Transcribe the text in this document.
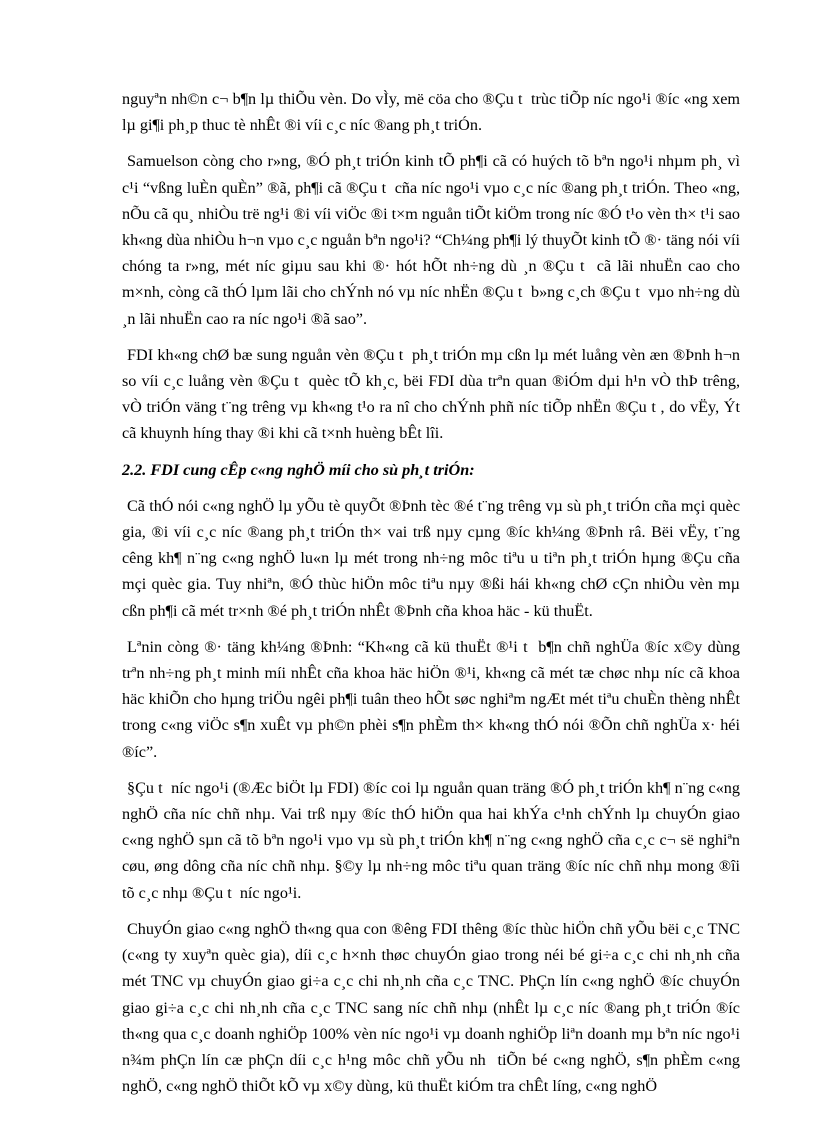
nguyªn nh©n c¬ b¶n lµ thiÕu vèn. Do vÌy, më cöa cho ®Çu t  trùc tiÕp níc ngo¹i ®íc «ng xem lµ gi¶i ph¸p thuc tè nhÊt ®i víi c¸c níc ®ang ph¸t triÓn.

Samuelson còng cho r»ng, ®Ó ph¸t triÓn kinh tÕ ph¶i cã có huých tõ bªn ngo¹i nhµm ph¸ vì c¹i “vßng luÈn quÈn” ®ã, ph¶i cã ®Çu t  cña níc ngo¹i vµo c¸c níc ®ang ph¸t triÓn. Theo «ng, nÕu cã qu¸ nhiÒu trë ng¹i ®i víi viÖc ®i t×m nguån tiÕt kiÖm trong níc ®Ó t¹o vèn th× t¹i sao kh«ng dùa nhiÒu h¬n vµo c¸c nguån bªn ngo¹i? “Ch¼ng ph¶i lý thuyÕt kinh tÕ ®· täng nói víi chóng ta r»ng, mét níc giµu sau khi ®· hót hÕt nh÷ng dù ¸n ®Çu t  cã lãi nhuËn cao cho m×nh, còng cã thÓ lµm lãi cho chÝnh nó vµ níc nhËn ®Çu t  b»ng c¸ch ®Çu t  vµo nh÷ng dù ¸n lãi nhuËn cao ra níc ngo¹i ®ã sao”.

FDI kh«ng chØ bæ sung nguån vèn ®Çu t  ph¸t triÓn mµ cßn lµ mét luång vèn æn ®Þnh h¬n so víi c¸c luång vèn ®Çu t  quèc tÕ kh¸c, bëi FDI dùa trªn quan ®iÓm dµi h¹n vÒ thÞ trêng, vÒ triÓn väng t¨ng trêng vµ kh«ng t¹o ra nî cho chÝnh phñ níc tiÕp nhËn ®Çu t , do vËy, Ýt cã khuynh híng thay ®i khi cã t×nh huèng bÊt lîi.

2.2. FDI cung cÊp c«ng nghÖ míi cho sù ph¸t triÓn:

Cã thÓ nói c«ng nghÖ lµ yÕu tè quyÕt ®Þnh tèc ®é t¨ng trêng vµ sù ph¸t triÓn cña mçi quèc gia, ®i víi c¸c níc ®ang ph¸t triÓn th× vai trß nµy cµng ®íc kh¼ng ®Þnh râ. Bëi vËy, t¨ng cêng kh¶ n¨ng c«ng nghÖ lu«n lµ mét trong nh÷ng môc tiªu u tiªn ph¸t triÓn hµng ®Çu cña mçi quèc gia. Tuy nhiªn, ®Ó thùc hiÖn môc tiªu nµy ®ßi hái kh«ng chØ cÇn nhiÒu vèn mµ cßn ph¶i cã mét tr×nh ®é ph¸t triÓn nhÊt ®Þnh cña khoa häc - kü thuËt.

Lªnin còng ®· täng kh¼ng ®Þnh: “Kh«ng cã kü thuËt ®¹i t  b¶n chñ nghÜa ®íc x©y dùng trªn nh÷ng ph¸t minh míi nhÊt cña khoa häc hiÖn ®¹i, kh«ng cã mét tæ chøc nhµ níc cã khoa häc khiÕn cho hµng triÖu ngêi ph¶i tuân theo hÕt søc nghiªm ngÆt mét tiªu chuÈn thèng nhÊt trong c«ng viÖc s¶n xuÊt vµ ph©n phèi s¶n phÈm th× kh«ng thÓ nói ®Õn chñ nghÜa x· héi ®íc”.

§Çu t  níc ngo¹i (®Æc biÖt lµ FDI) ®íc coi lµ nguån quan träng ®Ó ph¸t triÓn kh¶ n¨ng c«ng nghÖ cña níc chñ nhµ. Vai trß nµy ®íc thÓ hiÖn qua hai khÝa c¹nh chÝnh lµ chuyÓn giao c«ng nghÖ sµn cã tõ bªn ngo¹i vµo vµ sù ph¸t triÓn kh¶ n¨ng c«ng nghÖ cña c¸c c¬ së nghiªn cøu, øng dông cña níc chñ nhµ. §©y lµ nh÷ng môc tiªu quan träng ®íc níc chñ nhµ mong ®îi tõ c¸c nhµ ®Çu t  níc ngo¹i.

ChuyÓn giao c«ng nghÖ th«ng qua con ®êng FDI thêng ®íc thùc hiÖn chñ yÕu bëi c¸c TNC (c«ng ty xuyªn quèc gia), díi c¸c h×nh thøc chuyÓn giao trong néi bé gi÷a c¸c chi nh¸nh cña mét TNC vµ chuyÓn giao gi÷a c¸c chi nh¸nh cña c¸c TNC. PhÇn lín c«ng nghÖ ®íc chuyÓn giao gi÷a c¸c chi nh¸nh cña c¸c TNC sang níc chñ nhµ (nhÊt lµ c¸c níc ®ang ph¸t triÓn ®íc th«ng qua c¸c doanh nghiÖp 100% vèn níc ngo¹i vµ doanh nghiÖp liªn doanh mµ bªn níc ngo¹i n¾m phÇn lín cæ phÇn díi c¸c h¹ng môc chñ yÕu nh  tiÕn bé c«ng nghÖ, s¶n phÈm c«ng nghÖ, c«ng nghÖ thiÕt kÕ vµ x©y dùng, kü thuËt kiÓm tra chÊt líng, c«ng nghÖ
